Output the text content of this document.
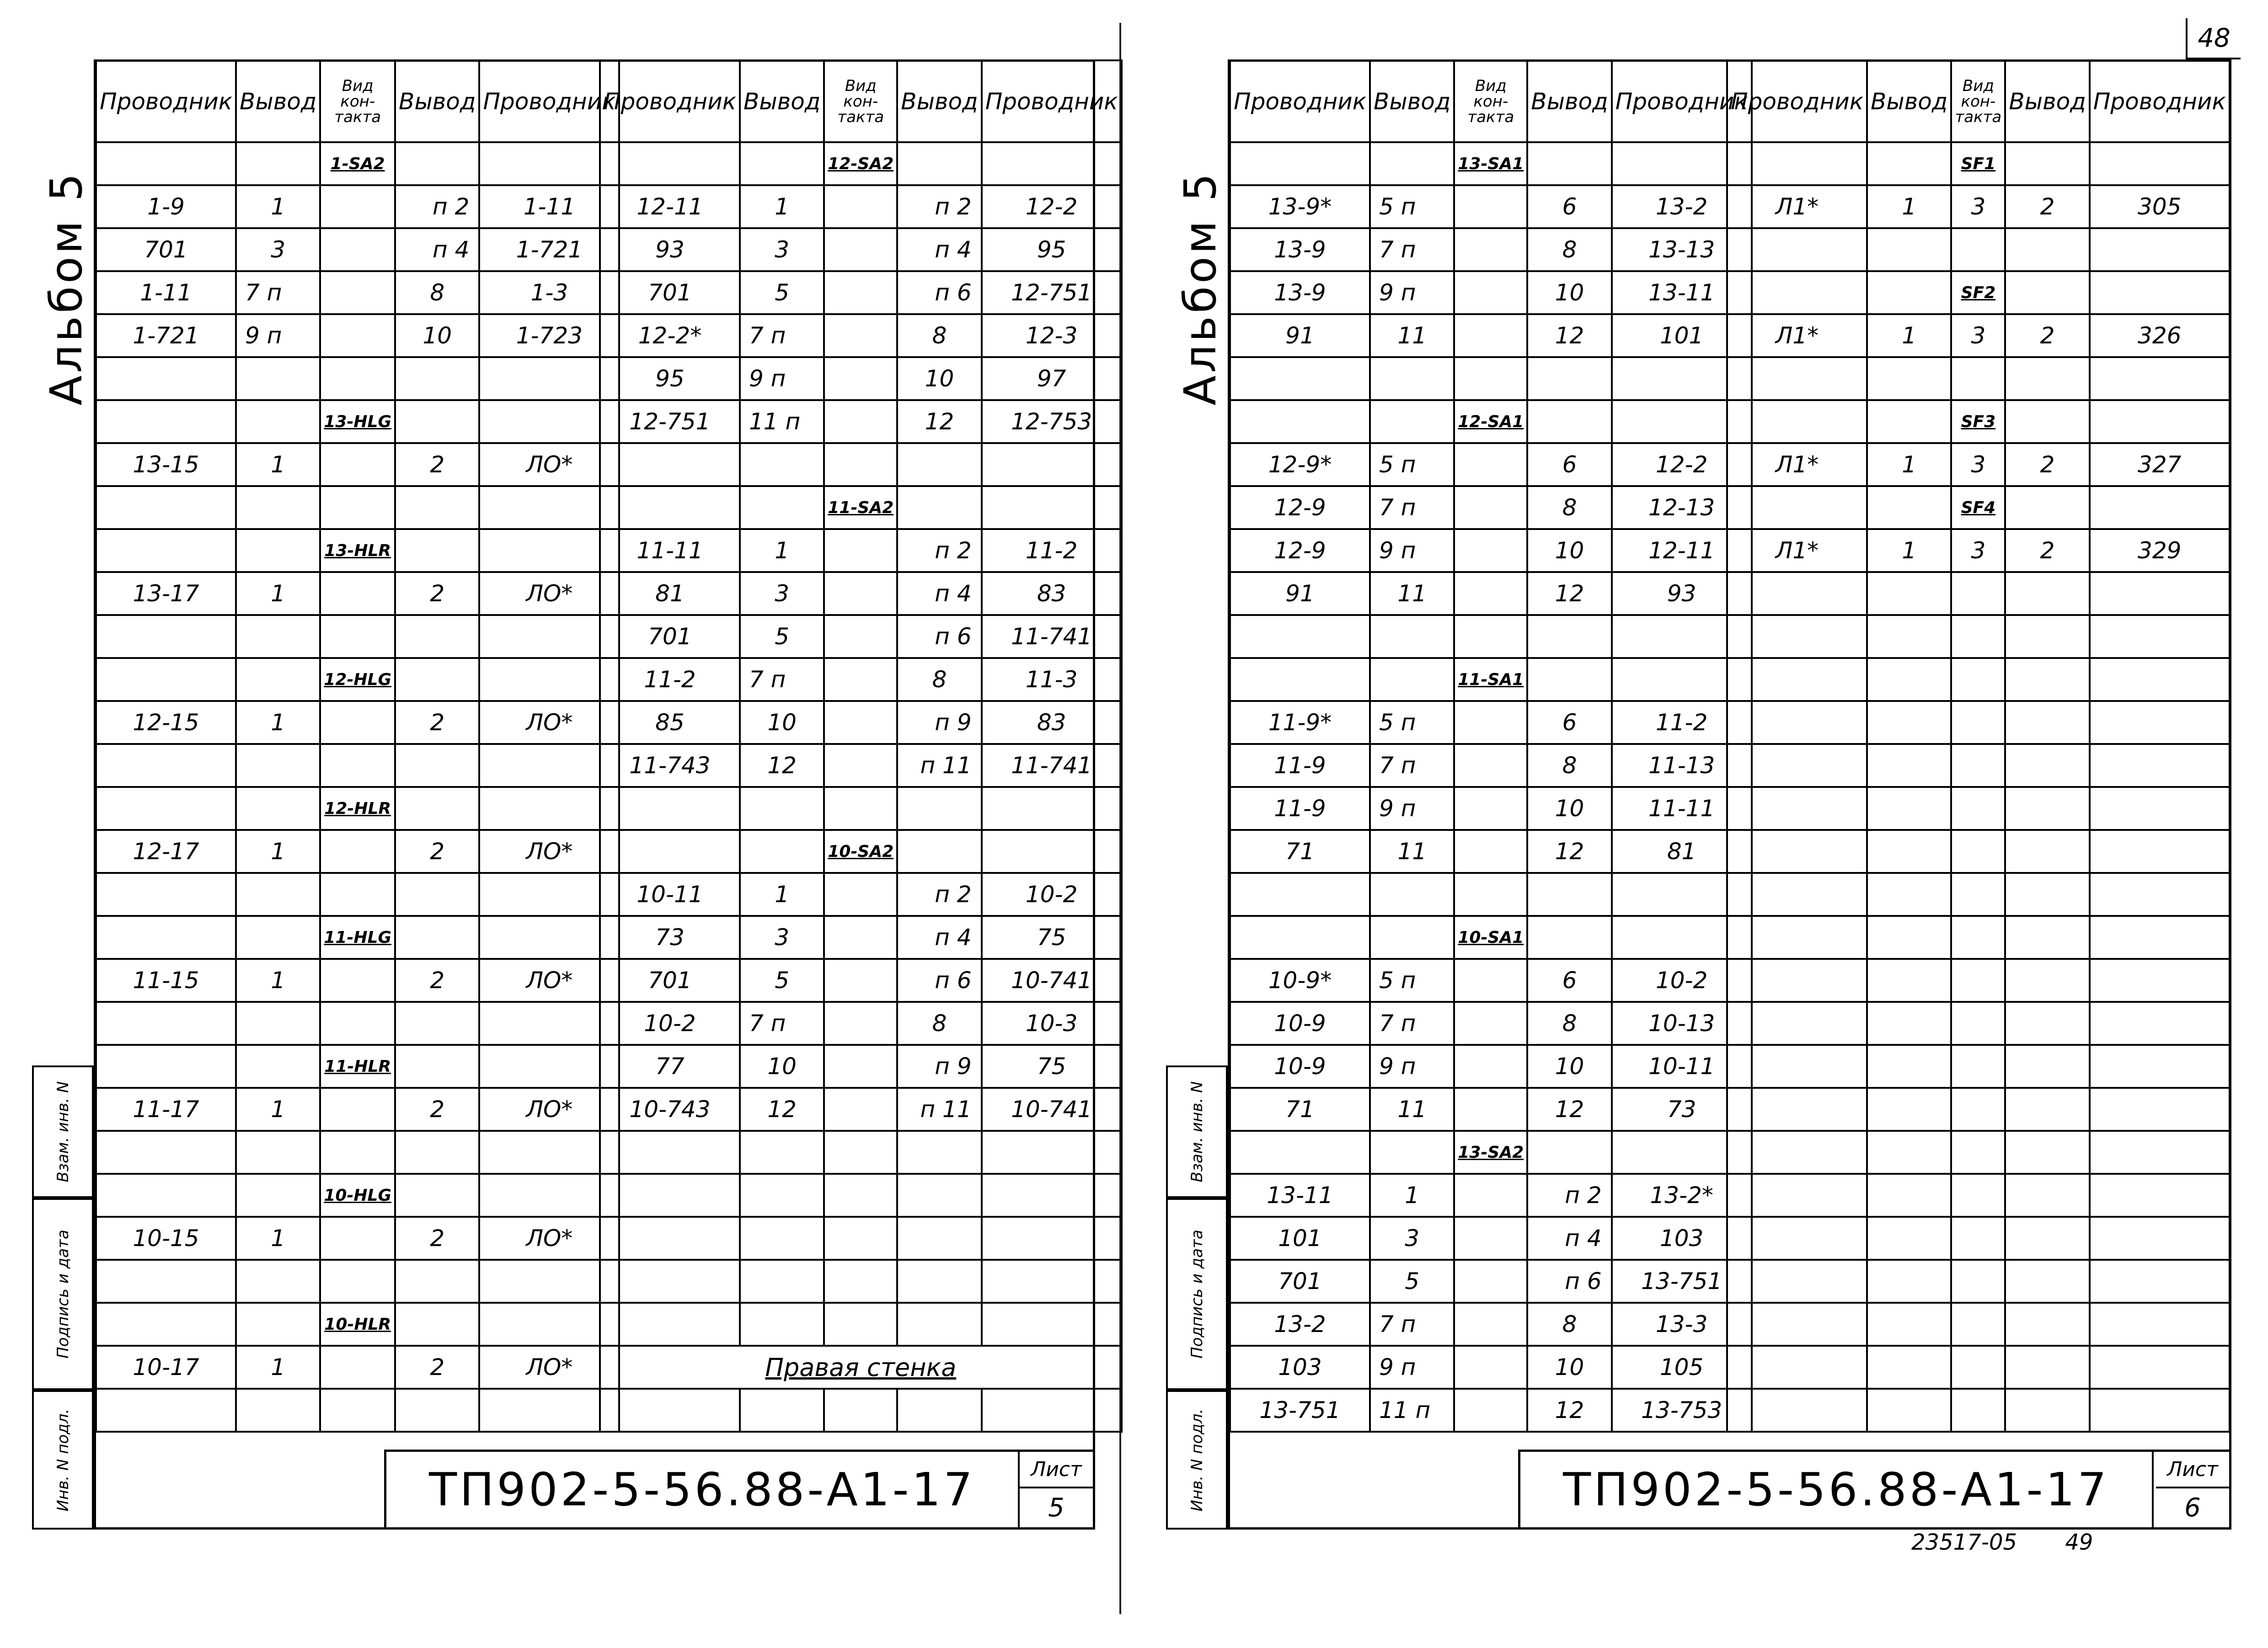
Альбом 5
Взам. инв. N
Подпись и дата
Инв. N подл.
Проводник	Вывод	Вид кон-такта	Вывод	Проводник
		1-SA2		
1-9	1		п 2	1-11
701	3		п 4	1-721
1-11	7 п		8	1-3
1-721	9 п		10	1-723

		13-HLG		
13-15	1		2	ЛО*

		13-HLR		
13-17	1		2	ЛО*

		12-HLG		
12-15	1		2	ЛО*

		12-HLR		
12-17	1		2	ЛО*

		11-HLG		
11-15	1		2	ЛО*

		11-HLR		
11-17	1		2	ЛО*

		10-HLG		
10-15	1		2	ЛО*

		10-HLR		
10-17	1		2	ЛО*

Проводник	Вывод	Вид кон-такта	Вывод	Проводник
		12-SA2		
12-11	1		п 2	12-2
93	3		п 4	95
701	5		п 6	12-751
12-2*	7 п		8	12-3
95	9 п		10	97
12-751	11 п		12	12-753

		11-SA2		
11-11	1		п 2	11-2
81	3		п 4	83
701	5		п 6	11-741
11-2	7 п		8	11-3
85	10		п 9	83
11-743	12		п 11	11-741

		10-SA2		
10-11	1		п 2	10-2
73	3		п 4	75
701	5		п 6	10-741
10-2	7 п		8	10-3
77	10		п 9	75
10-743	12		п 11	10-741

Правая стенка				

ТП902-5-56.88-А1-17	Лист
5
48
Альбом 5
Взам. инв. N
Подпись и дата
Инв. N подл.
Проводник	Вывод	Вид кон-такта	Вывод	Проводник
		13-SA1		
13-9*	5 п		6	13-2
13-9	7 п		8	13-13
13-9	9 п		10	13-11
91	11		12	101

		12-SA1		
12-9*	5 п		6	12-2
12-9	7 п		8	12-13
12-9	9 п		10	12-11
91	11		12	93

		11-SA1		
11-9*	5 п		6	11-2
11-9	7 п		8	11-13
11-9	9 п		10	11-11
71	11		12	81

		10-SA1		
10-9*	5 п		6	10-2
10-9	7 п		8	10-13
10-9	9 п		10	10-11
71	11		12	73
		13-SA2		
13-11	1		п 2	13-2*
101	3		п 4	103
701	5		п 6	13-751
13-2	7 п		8	13-3
103	9 п		10	105
13-751	11 п		12	13-753
Проводник	Вывод	Вид кон-такта	Вывод	Проводник
		SF1		
Л1*	1	3	2	305

		SF2		
Л1*	1	3	2	326

		SF3		
Л1*	1	3	2	327
		SF4		
Л1*	1	3	2	329

ТП902-5-56.88-А1-17	Лист
6
23517-05 49
